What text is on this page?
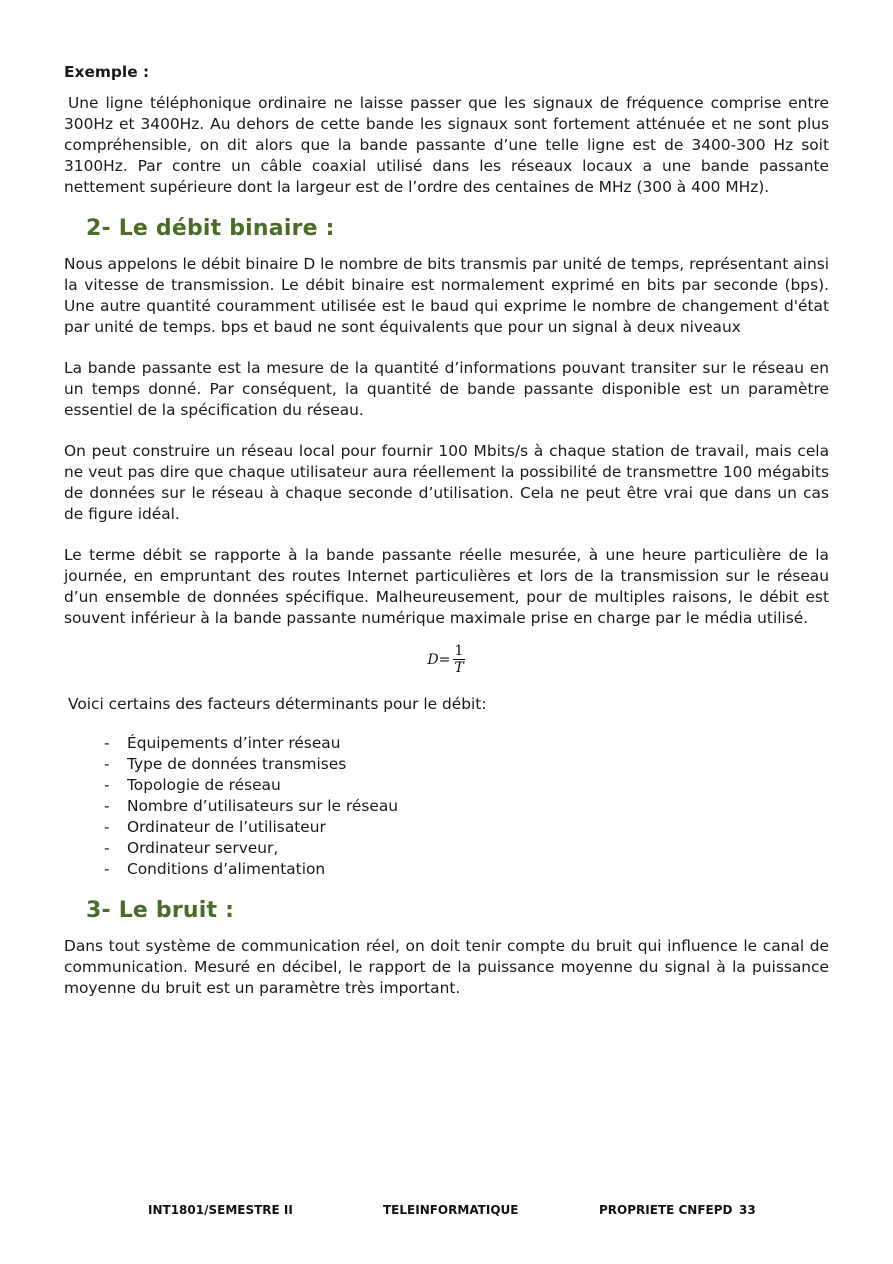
Exemple :

Une ligne téléphonique ordinaire ne laisse passer que les signaux de fréquence comprise entre 300Hz et 3400Hz. Au dehors de cette bande les signaux sont fortement atténuée et ne sont plus compréhensible, on dit alors que la bande passante d’une telle ligne est de 3400-300 Hz soit 3100Hz. Par contre un câble coaxial utilisé dans les réseaux locaux a une bande passante nettement supérieure dont la largeur est de l’ordre des centaines de MHz (300 à 400 MHz).

2- Le débit binaire :

Nous appelons le débit binaire D le nombre de bits transmis par unité de temps, représentant ainsi la vitesse de transmission. Le débit binaire est normalement exprimé en bits par seconde (bps). Une autre quantité couramment utilisée est le baud qui exprime le nombre de changement d'état par unité de temps. bps et baud ne sont équivalents que pour un signal à deux niveaux

La bande passante est la mesure de la quantité d’informations pouvant transiter sur le réseau en un temps donné. Par conséquent, la quantité de bande passante disponible est un paramètre essentiel de la spécification du réseau.

On peut construire un réseau local pour fournir 100 Mbits/s à chaque station de travail, mais cela ne veut pas dire que chaque utilisateur aura réellement la possibilité de transmettre 100 mégabits de données sur le réseau à chaque seconde d’utilisation. Cela ne peut être vrai que dans un cas de figure idéal.

Le terme débit se rapporte à la bande passante réelle mesurée, à une heure particulière de la journée, en empruntant des routes Internet particulières et lors de la transmission sur le réseau d’un ensemble de données spécifique. Malheureusement, pour de multiples raisons, le débit est souvent inférieur à la bande passante numérique maximale prise en charge par le média utilisé.

$D= \frac{1}{T}$

Voici certains des facteurs déterminants pour le débit:

-	Équipements d’inter réseau
-	Type de données transmises
-	Topologie de réseau
-	Nombre d’utilisateurs sur le réseau
-	Ordinateur de l’utilisateur
-	Ordinateur serveur,
-	Conditions d’alimentation
3- Le bruit :

Dans tout système de communication réel, on doit tenir compte du bruit qui influence le canal de communication. Mesuré en décibel, le rapport de la puissance moyenne du signal à la puissance moyenne du bruit est un paramètre très important.

INT1801/SEMESTRE II	TELEINFORMATIQUE	PROPRIETE CNFEPD 33
